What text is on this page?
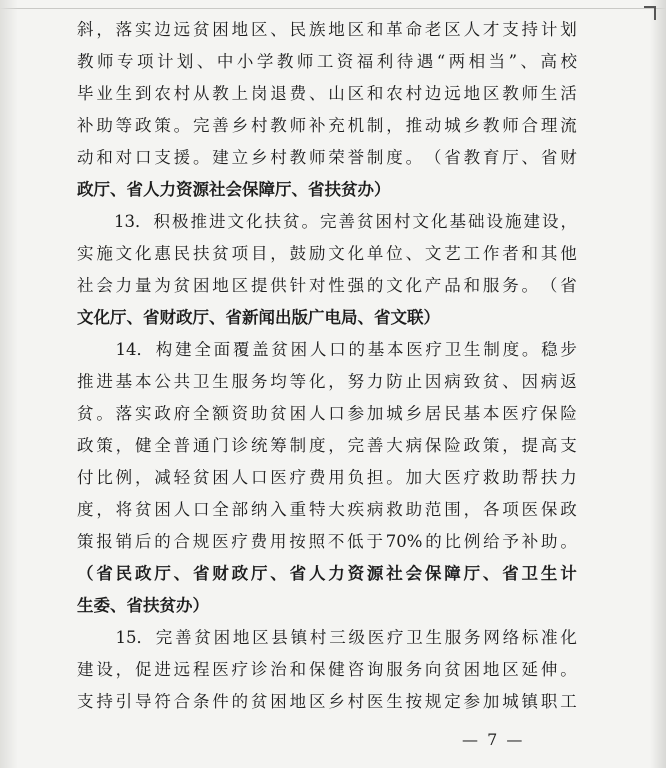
斜 ， 落 实 边 远 贫 困 地 区 、 民 族 地 区 和 革 命 老 区 人 才 支 持 计 划
教 师 专 项 计 划 、 中 小 学 教 师 工 资 福 利 待 遇 “ 两 相 当 ” 、 高 校
毕 业 生 到 农 村 从 教 上 岗 退 费 、 山 区 和 农 村 边 远 地 区 教 师 生 活
补 助 等 政 策 。 完 善 乡 村 教 师 补 充 机 制 ， 推 动 城 乡 教 师 合 理 流
动 和 对 口 支 援 。 建 立 乡 村 教 师 荣 誉 制 度 。 （ 省 教 育 厅 、 省 财
政厅、省人力资源社会保障厅、省扶贫办）

13． 积 极 推 进 文 化 扶 贫 。 完 善 贫 困 村 文 化 基 础 设 施 建 设 ，
实 施 文 化 惠 民 扶 贫 项 目 ， 鼓 励 文 化 单 位 、 文 艺 工 作 者 和 其 他
社 会 力 量 为 贫 困 地 区 提 供 针 对 性 强 的 文 化 产 品 和 服 务 。 （ 省
文化厅、省财政厅、省新闻出版广电局、省文联）

14． 构 建 全 面 覆 盖 贫 困 人 口 的 基 本 医 疗 卫 生 制 度 。 稳 步
推 进 基 本 公 共 卫 生 服 务 均 等 化 ， 努 力 防 止 因 病 致 贫 、 因 病 返
贫 。 落 实 政 府 全 额 资 助 贫 困 人 口 参 加 城 乡 居 民 基 本 医 疗 保 险
政 策 ， 健 全 普 通 门 诊 统 筹 制 度 ， 完 善 大 病 保 险 政 策 ， 提 高 支
付 比 例 ， 减 轻 贫 困 人 口 医 疗 费 用 负 担 。 加 大 医 疗 救 助 帮 扶 力
度 ， 将 贫 困 人 口 全 部 纳 入 重 特 大 疾 病 救 助 范 围 ， 各 项 医 保 政
策 报 销 后 的 合 规 医 疗 费 用 按 照 不 低 于 70% 的 比 例 给 予 补 助 。
（ 省 民 政 厅 、 省 财 政 厅 、 省 人 力 资 源 社 会 保 障 厅 、 省 卫 生 计
生委、省扶贫办）

15． 完 善 贫 困 地 区 县 镇 村 三 级 医 疗 卫 生 服 务 网 络 标 准 化
建 设 ， 促 进 远 程 医 疗 诊 治 和 保 健 咨 询 服 务 向 贫 困 地 区 延 伸 。
支 持 引 导 符 合 条 件 的 贫 困 地 区 乡 村 医 生 按 规 定 参 加 城 镇 职 工
— 7 —
